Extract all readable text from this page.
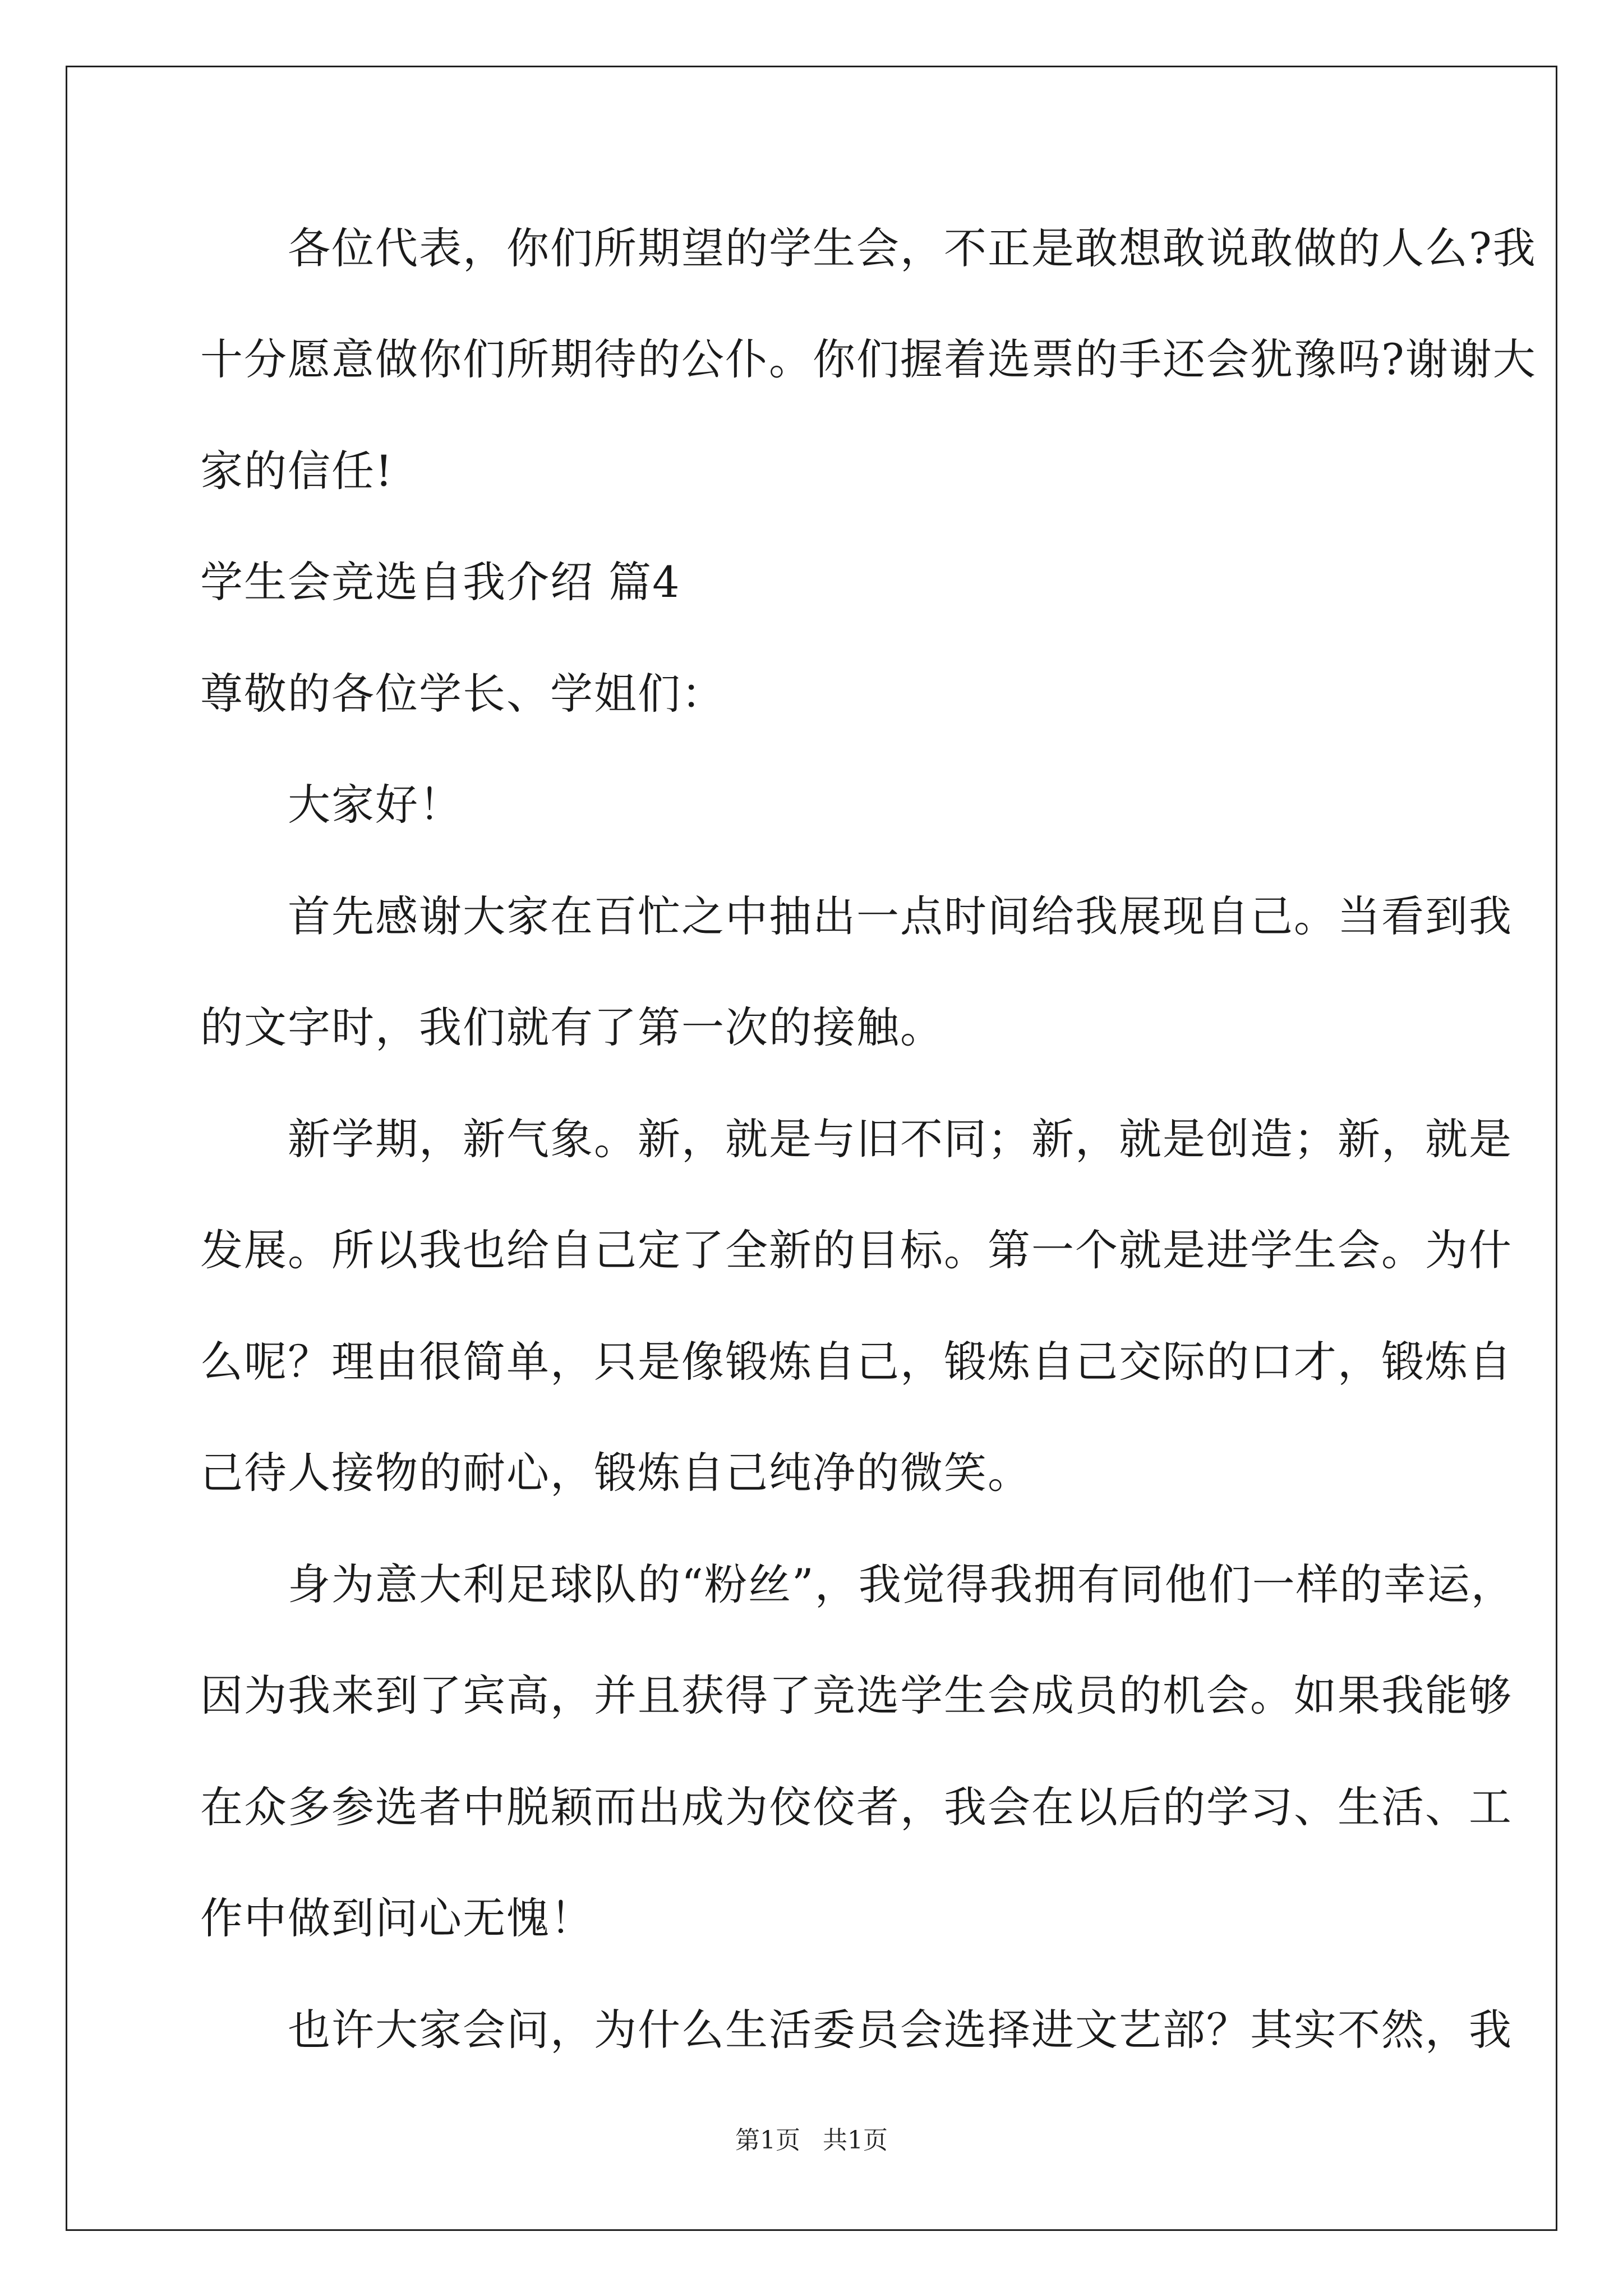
　　各位代表，你们所期望的学生会，不正是敢想敢说敢做的人么?我
十分愿意做你们所期待的公仆。你们握着选票的手还会犹豫吗?谢谢大
家的信任!
学生会竞选自我介绍 篇4
尊敬的各位学长、学姐们：
　　大家好！
　　首先感谢大家在百忙之中抽出一点时间给我展现自己。当看到我
的文字时，我们就有了第一次的接触。
　　新学期，新气象。新，就是与旧不同；新，就是创造；新，就是
发展。所以我也给自己定了全新的目标。第一个就是进学生会。为什
么呢？理由很简单，只是像锻炼自己，锻炼自己交际的口才，锻炼自
己待人接物的耐心，锻炼自己纯净的微笑。
　　身为意大利足球队的“粉丝”，我觉得我拥有同他们一样的幸运，
因为我来到了宾高，并且获得了竞选学生会成员的机会。如果我能够
在众多参选者中脱颖而出成为佼佼者，我会在以后的学习、生活、工
作中做到问心无愧！
　　也许大家会问，为什么生活委员会选择进文艺部？其实不然，我
第1页 共1页
